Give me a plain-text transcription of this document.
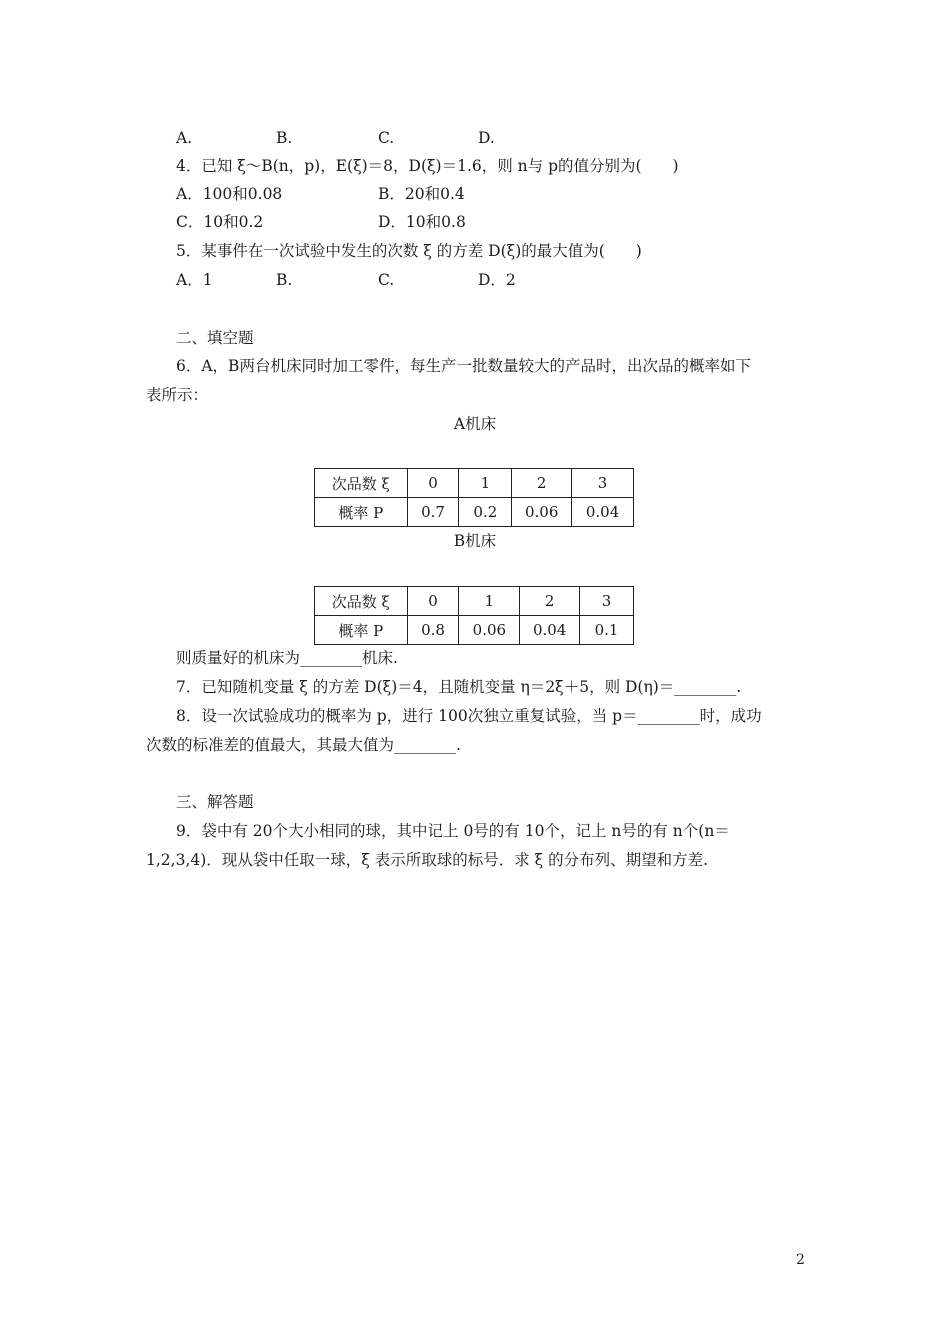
A.	B.	C.	D.
4．已知 ξ～B(n，p)，E(ξ)＝8，D(ξ)＝1.6，则 n与 p的值分别为(　　)
A．100和0.08	B．20和0.4
C．10和0.2	D．10和0.8
5．某事件在一次试验中发生的次数 ξ 的方差 D(ξ)的最大值为(　　)
A．1	B.	C.	D．2
二、填空题
6．A，B两台机床同时加工零件，每生产一批数量较大的产品时，出次品的概率如下
表所示：
A机床
次品数 ξ	0	1	2	3
概率 P	0.7	0.2	0.06	0.04
B机床
次品数 ξ	0	1	2	3
概率 P	0.8	0.06	0.04	0.1
则质量好的机床为________机床.
7．已知随机变量 ξ 的方差 D(ξ)＝4，且随机变量 η＝2ξ＋5，则 D(η)＝________.
8．设一次试验成功的概率为 p，进行 100次独立重复试验，当 p＝________时，成功
次数的标准差的值最大，其最大值为________.
三、解答题
9．袋中有 20个大小相同的球，其中记上 0号的有 10个，记上 n号的有 n个(n＝
1,2,3,4)．现从袋中任取一球，ξ 表示所取球的标号．求 ξ 的分布列、期望和方差.
2
